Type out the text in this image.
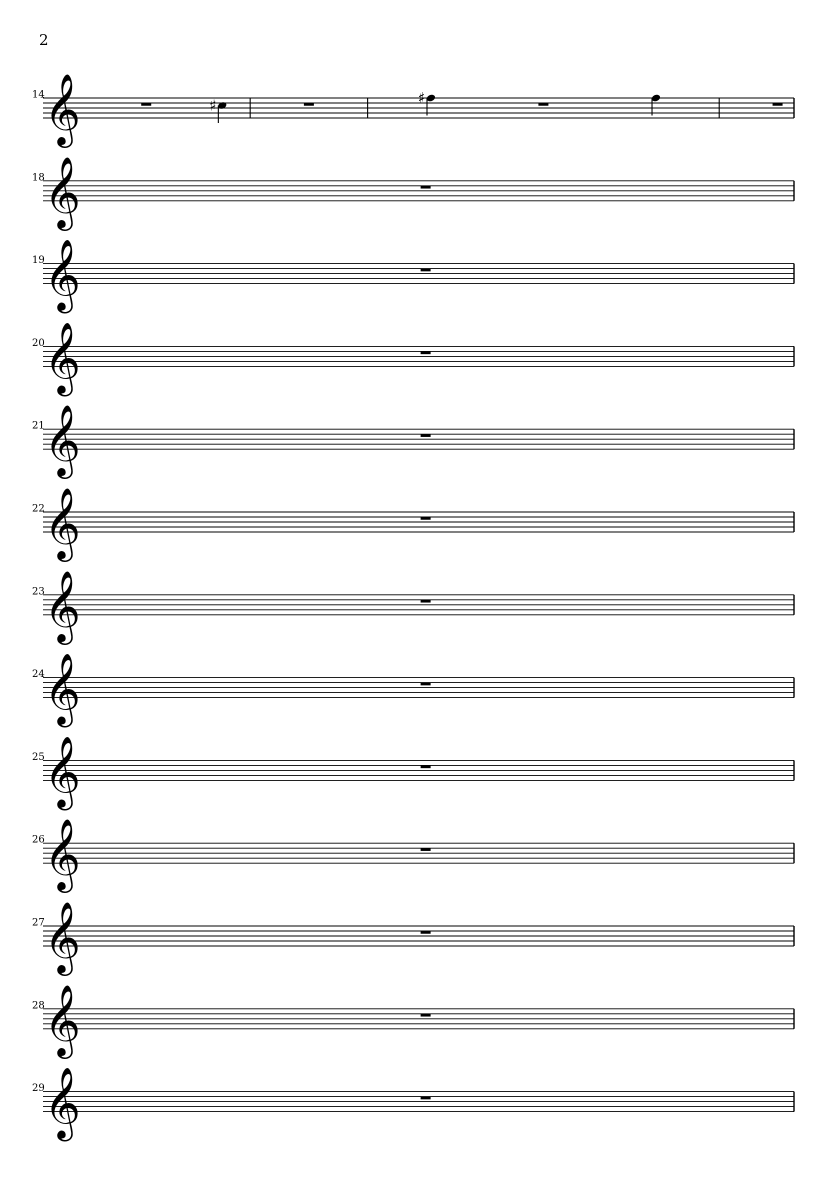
2
𝄞
14
♯	♯
𝄞
18
𝄞
19
𝄞
20
𝄞
21
𝄞
22
𝄞
23
𝄞
24
𝄞
25
𝄞
26
𝄞
27
𝄞
28
𝄞
29
